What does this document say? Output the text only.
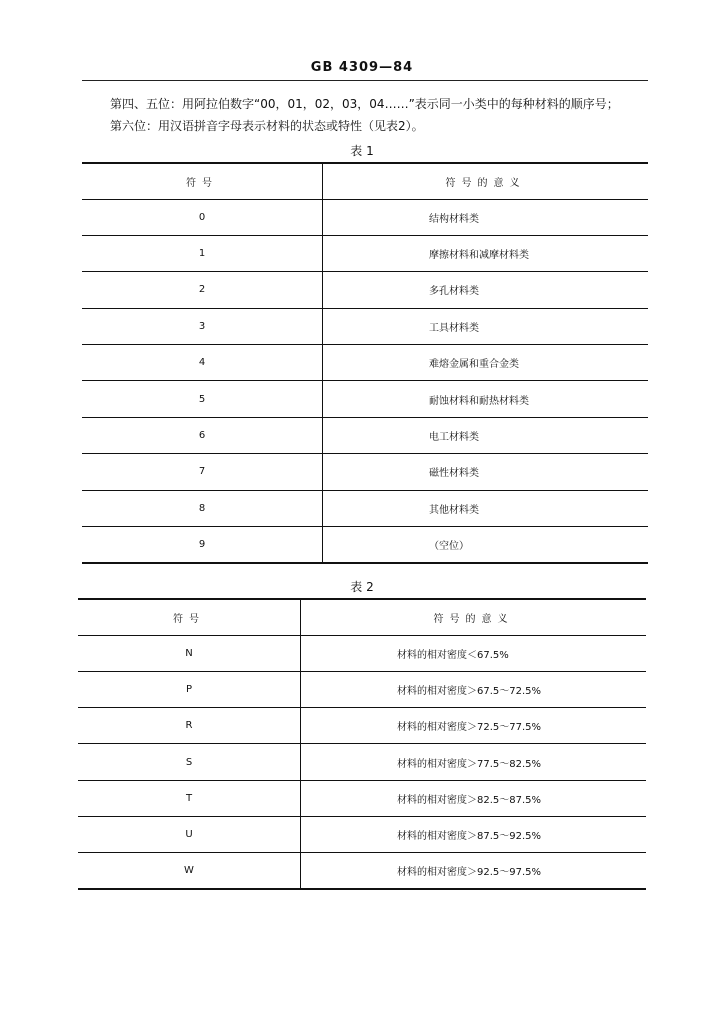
GB 4309—84
第四、五位：用阿拉伯数字“00，01，02，03，04……”表示同一小类中的每种材料的顺序号；
第六位：用汉语拼音字母表示材料的状态或特性（见表2）。
表 1
符号	符号的意义
0	结构材料类
1	摩擦材料和减摩材料类
2	多孔材料类
3	工具材料类
4	难熔金属和重合金类
5	耐蚀材料和耐热材料类
6	电工材料类
7	磁性材料类
8	其他材料类
9	（空位）
表 2
符号	符号的意义
N	材料的相对密度＜67.5%
P	材料的相对密度＞67.5～72.5%
R	材料的相对密度＞72.5～77.5%
S	材料的相对密度＞77.5～82.5%
T	材料的相对密度＞82.5～87.5%
U	材料的相对密度＞87.5～92.5%
W	材料的相对密度＞92.5～97.5%
